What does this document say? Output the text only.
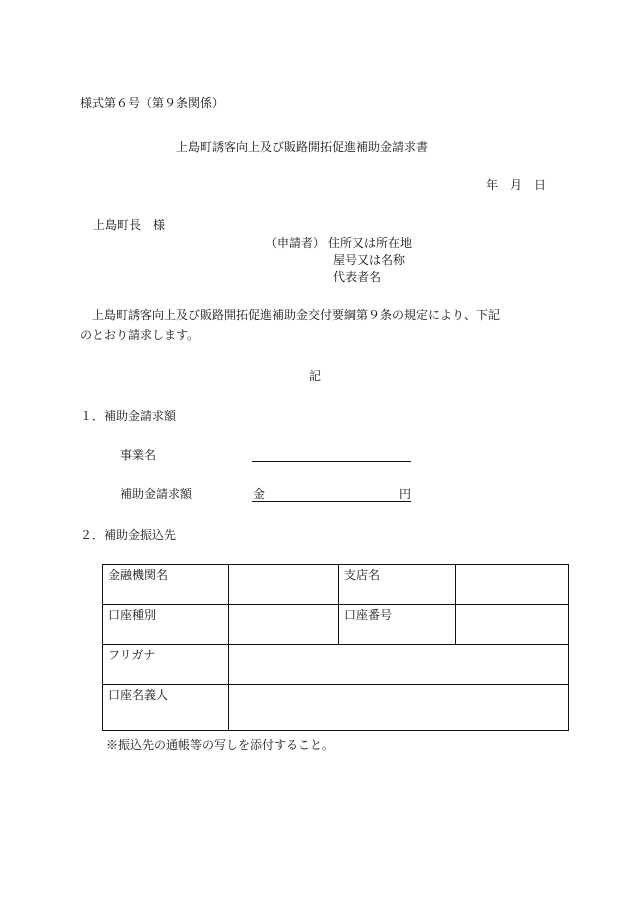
様式第６号（第９条関係）
上島町誘客向上及び販路開拓促進補助金請求書
年　月　日
上島町長　様
（申請者） 住所又は所在地
屋号又は名称
代表者名
上島町誘客向上及び販路開拓促進補助金交付要綱第９条の規定により、下記
のとおり請求します。
記
１．補助金請求額
事業名
補助金請求額	金	円
２．補助金振込先
金融機関名		支店名	
口座種別		口座番号	
フリガナ			
口座名義人			
※振込先の通帳等の写しを添付すること。
